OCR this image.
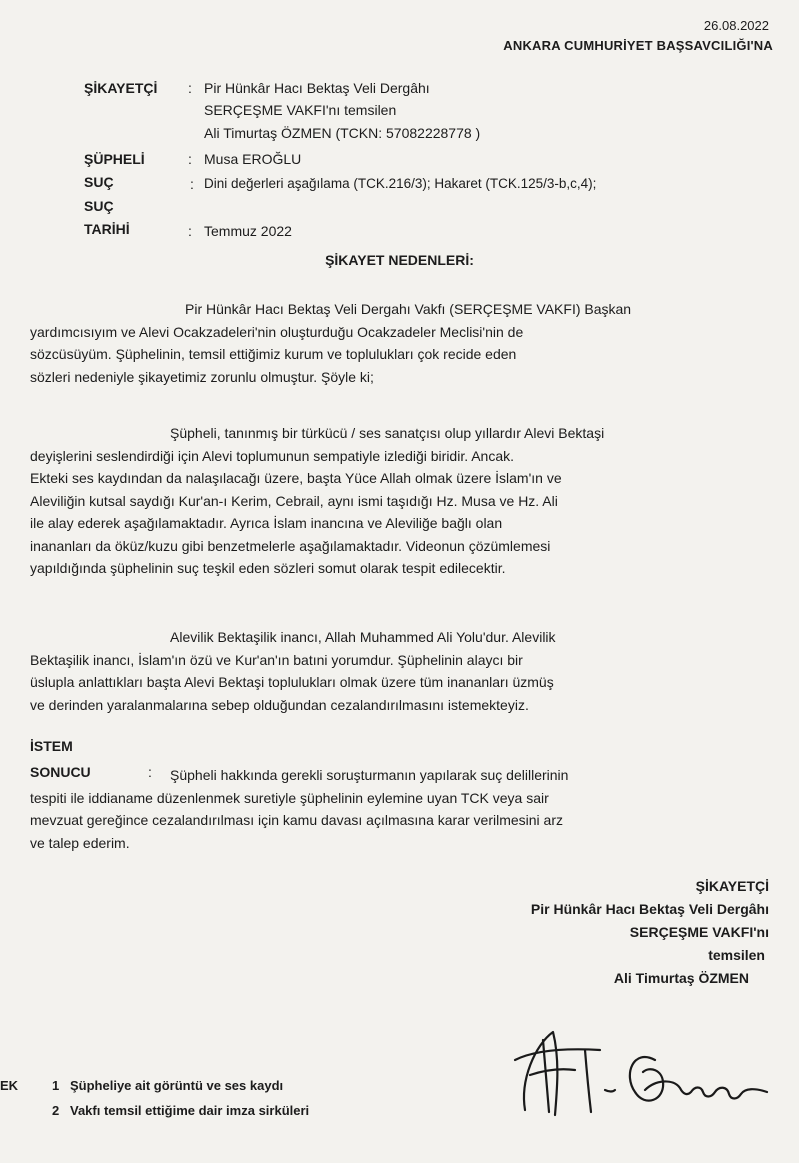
26.08.2022
ANKARA CUMHURİYET BAŞSAVCILIĞI'NA
ŞİKAYETÇİ : Pir Hünkâr Hacı Bektaş Veli Dergâhı
SERÇEŞME VAKFI'nı temsilen
Ali Timurtaş ÖZMEN (TCKN: 57082228778 )
ŞÜPHELİ	: Musa EROĞLU
SUÇ	: Dini değerleri aşağılama (TCK.216/3); Hakaret (TCK.125/3-b,c,4);
SUÇ
TARİHİ	: Temmuz 2022
ŞİKAYET NEDENLERİ:
Pir Hünkâr Hacı Bektaş Veli Dergahı Vakfı (SERÇEŞME VAKFI) Başkan
yardımcısıyım ve Alevi Ocakzadeleri'nin oluşturduğu Ocakzadeler Meclisi'nin de
sözcüsüyüm. Şüphelinin, temsil ettiğimiz kurum ve toplulukları çok recide eden
sözleri nedeniyle şikayetimiz zorunlu olmuştur. Şöyle ki;
Şüpheli, tanınmış bir türkücü / ses sanatçısı olup yıllardır Alevi Bektaşi
deyişlerini seslendirdiği için Alevi toplumunun sempatiyle izlediği biridir. Ancak.
Ekteki ses kaydından da nalaşılacağı üzere, başta Yüce Allah olmak üzere İslam'ın ve
Aleviliğin kutsal saydığı Kur'an-ı Kerim, Cebrail, aynı ismi taşıdığı Hz. Musa ve Hz. Ali
ile alay ederek aşağılamaktadır. Ayrıca İslam inancına ve Aleviliğe bağlı olan
inananları da öküz/kuzu gibi benzetmelerle aşağılamaktadır. Videonun çözümlemesi
yapıldığında şüphelinin suç teşkil eden sözleri somut olarak tespit edilecektir.
Alevilik Bektaşilik inancı, Allah Muhammed Ali Yolu'dur. Alevilik
Bektaşilik inancı, İslam'ın özü ve Kur'an'ın batıni yorumdur. Şüphelinin alaycı bir
üslupla anlattıkları başta Alevi Bektaşi toplulukları olmak üzere tüm inananları üzmüş
ve derinden yaralanmalarına sebep olduğundan cezalandırılmasını istemekteyiz.
İSTEM
SONUCU	:	Şüpheli hakkında gerekli soruşturmanın yapılarak suç delillerinin
tespiti ile iddianame düzenlenmek suretiyle şüphelinin eylemine uyan TCK veya sair
mevzuat gereğince cezalandırılması için kamu davası açılmasına karar verilmesini arz
ve talep ederim.
ŞİKAYETÇİ
Pir Hünkâr Hacı Bektaş Veli Dergâhı
SERÇEŞME VAKFI'nı
temsilen
Ali Timurtaş ÖZMEN
EK	1 Şüpheliye ait görüntü ve ses kaydı
2 Vakfı temsil ettiğime dair imza sirküleri
